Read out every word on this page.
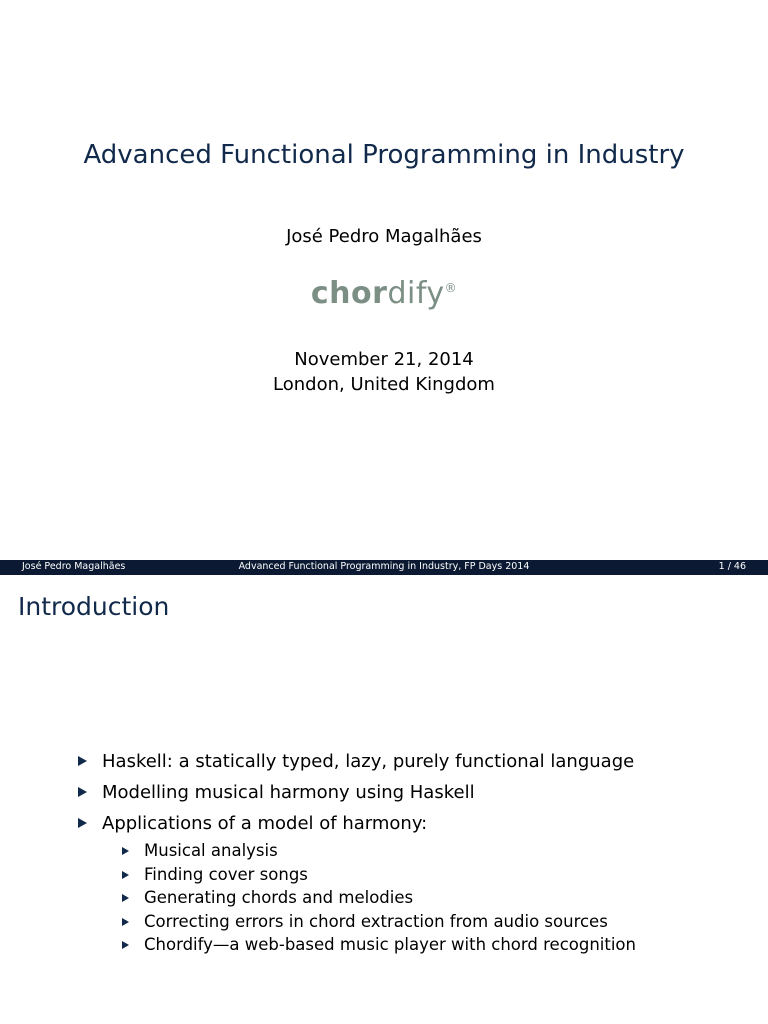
Advanced Functional Programming in Industry
José Pedro Magalhães
chordify®
November 21, 2014
London, United Kingdom
José Pedro Magalhães	Advanced Functional Programming in Industry, FP Days 2014	1 / 46
Introduction
Haskell: a statically typed, lazy, purely functional language
Modelling musical harmony using Haskell
Applications of a model of harmony:
Musical analysis
Finding cover songs
Generating chords and melodies
Correcting errors in chord extraction from audio sources
Chordify—a web-based music player with chord recognition
